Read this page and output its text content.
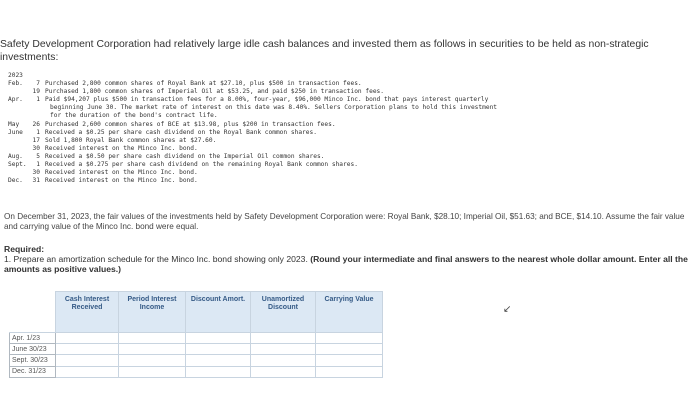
Safety Development Corporation had relatively large idle cash balances and invested them as follows in securities to be held as non-strategic investments:
2023
Feb.	7 Purchased 2,800 common shares of Royal Bank at $27.10, plus $500 in transaction fees.
19 Purchased 1,800 common shares of Imperial Oil at $53.25, and paid $250 in transaction fees.
Apr.	1 Paid $94,207 plus $500 in transaction fees for a 8.00%, four-year, $96,000 Minco Inc. bond that pays interest quarterly
beginning June 30. The market rate of interest on this date was 8.40%. Sellers Corporation plans to hold this investment
for the duration of the bond's contract life.
May	26 Purchased 2,600 common shares of BCE at $13.98, plus $200 in transaction fees.
June	1 Received a $0.25 per share cash dividend on the Royal Bank common shares.
17 Sold 1,800 Royal Bank common shares at $27.60.
30 Received interest on the Minco Inc. bond.
Aug.	5 Received a $0.50 per share cash dividend on the Imperial Oil common shares.
Sept.	1 Received a $0.275 per share cash dividend on the remaining Royal Bank common shares.
30 Received interest on the Minco Inc. bond.
Dec.	31 Received interest on the Minco Inc. bond.
On December 31, 2023, the fair values of the investments held by Safety Development Corporation were: Royal Bank, $28.10; Imperial Oil, $51.63; and BCE, $14.10. Assume the fair value and carrying value of the Minco Inc. bond were equal.
Required:
1. Prepare an amortization schedule for the Minco Inc. bond showing only 2023. (Round your intermediate and final answers to the nearest whole dollar amount. Enter all the amounts as positive values.)
	Cash Interest Received	Period Interest Income	Discount Amort.	Unamortized Discount	Carrying Value
Apr. 1/23					
June 30/23					
Sept. 30/23					
Dec. 31/23					
↙
